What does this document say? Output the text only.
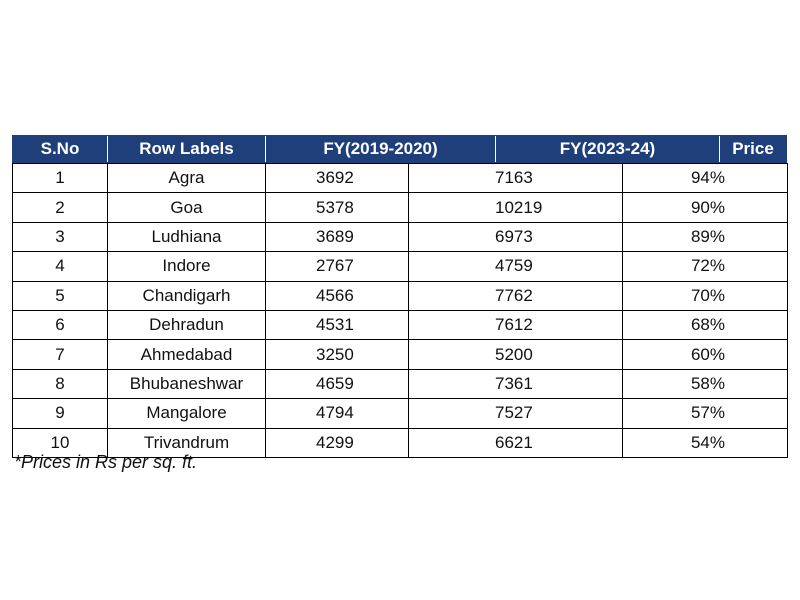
S.No	Row Labels	FY(2019-2020)	FY(2023-24)	Price
1	Agra	3692	7163	94%
2	Goa	5378	10219	90%
3	Ludhiana	3689	6973	89%
4	Indore	2767	4759	72%
5	Chandigarh	4566	7762	70%
6	Dehradun	4531	7612	68%
7	Ahmedabad	3250	5200	60%
8	Bhubaneshwar	4659	7361	58%
9	Mangalore	4794	7527	57%
10	Trivandrum	4299	6621	54%
*Prices in Rs per sq. ft.
